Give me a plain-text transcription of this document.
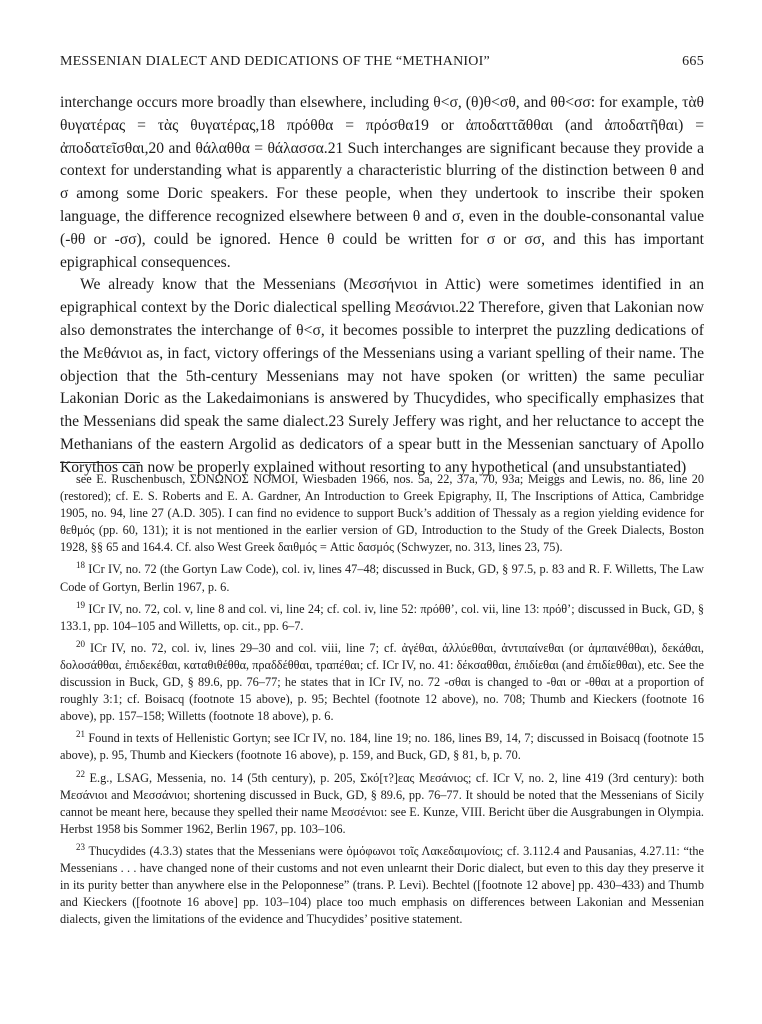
MESSENIAN DIALECT AND DEDICATIONS OF THE “METHANIOI”	665

interchange occurs more broadly than elsewhere, including θ<σ, (θ)θ<σθ, and θθ<σσ: for example, τὰθ θυγατέρας = τὰς θυγατέρας,18 πρόθθα = πρόσθα19 or ἀποδαττᾶθθαι (and ἀποδατῆθαι) = ἀποδατεῖσθαι,20 and θάλαθθα = θάλασσα.21 Such interchanges are significant because they provide a context for understanding what is apparently a characteristic blurring of the distinction between θ and σ among some Doric speakers. For these people, when they undertook to inscribe their spoken language, the difference recognized elsewhere between θ and σ, even in the double-consonantal value (-θθ or -σσ), could be ignored. Hence θ could be written for σ or σσ, and this has important epigraphical consequences.

We already know that the Messenians (Μεσσήνιοι in Attic) were sometimes identified in an epigraphical context by the Doric dialectical spelling Μεσάνιοι.22 Therefore, given that Lakonian now also demonstrates the interchange of θ<σ, it becomes possible to interpret the puzzling dedications of the Μεθάνιοι as, in fact, victory offerings of the Messenians using a variant spelling of their name. The objection that the 5th-century Messenians may not have spoken (or written) the same peculiar Lakonian Doric as the Lakedaimonians is answered by Thucydides, who specifically emphasizes that the Messenians did speak the same dialect.23 Surely Jeffery was right, and her reluctance to accept the Methanians of the eastern Argolid as dedicators of a spear butt in the Messenian sanctuary of Apollo Korythos can now be properly explained without resorting to any hypothetical (and unsubstantiated)

see E. Ruschenbusch, ΣΟΝΩΝΟΣ ΝΟΜΟΙ, Wiesbaden 1966, nos. 5a, 22, 37a, 70, 93a; Meiggs and Lewis, no. 86, line 20 (restored); cf. E. S. Roberts and E. A. Gardner, An Introduction to Greek Epigraphy, II, The Inscriptions of Attica, Cambridge 1905, no. 94, line 27 (A.D. 305). I can find no evidence to support Buck’s addition of Thessaly as a region yielding evidence for θεθμός (pp. 60, 131); it is not mentioned in the earlier version of GD, Introduction to the Study of the Greek Dialects, Boston 1928, §§ 65 and 164.4. Cf. also West Greek δαιθμός = Attic δασμός (Schwyzer, no. 313, lines 23, 75).

$^{18}$ ICr IV, no. 72 (the Gortyn Law Code), col. iv, lines 47–48; discussed in Buck, GD, § 97.5, p. 83 and R. F. Willetts, The Law Code of Gortyn, Berlin 1967, p. 6.

$^{19}$ ICr IV, no. 72, col. v, line 8 and col. vi, line 24; cf. col. iv, line 52: πρόθθ’, col. vii, line 13: πρόθ’; discussed in Buck, GD, § 133.1, pp. 104–105 and Willetts, op. cit., pp. 6–7.

$^{20}$ ICr IV, no. 72, col. iv, lines 29–30 and col. viii, line 7; cf. ἀγέθαι, ἀλλύεθθαι, ἀντιπαίνεθαι (or ἀμπαινέθθαι), δεκάθαι, δολοσάθθαι, ἐπιδεκέθαι, καταθιθέθθα, πραδδέθθαι, τραπέθαι; cf. ICr IV, no. 41: δέκσαθθαι, ἐπιδίεθαι (and ἐπιδίεθθαι), etc. See the discussion in Buck, GD, § 89.6, pp. 76–77; he states that in ICr IV, no. 72 -σθαι is changed to -θαι or -θθαι at a proportion of roughly 3:1; cf. Boisacq (footnote 15 above), p. 95; Bechtel (footnote 12 above), no. 708; Thumb and Kieckers (footnote 16 above), pp. 157–158; Willetts (footnote 18 above), p. 6.

$^{21}$ Found in texts of Hellenistic Gortyn; see ICr IV, no. 184, line 19; no. 186, lines B9, 14, 7; discussed in Boisacq (footnote 15 above), p. 95, Thumb and Kieckers (footnote 16 above), p. 159, and Buck, GD, § 81, b, p. 70.

$^{22}$ E.g., LSAG, Messenia, no. 14 (5th century), p. 205, Σκό[τ?]εας Μεσάνιος; cf. ICr V, no. 2, line 419 (3rd century): both Μεσάνιοι and Μεσσάνιοι; shortening discussed in Buck, GD, § 89.6, pp. 76–77. It should be noted that the Messenians of Sicily cannot be meant here, because they spelled their name Μεσσένιοι: see E. Kunze, VIII. Bericht über die Ausgrabungen in Olympia. Herbst 1958 bis Sommer 1962, Berlin 1967, pp. 103–106.

$^{23}$ Thucydides (4.3.3) states that the Messenians were ὁμόφωνοι τοῖς Λακεδαιμονίοις; cf. 3.112.4 and Pausanias, 4.27.11: “the Messenians . . . have changed none of their customs and not even unlearnt their Doric dialect, but even to this day they preserve it in its purity better than anywhere else in the Peloponnese” (trans. P. Levi). Bechtel ([footnote 12 above] pp. 430–433) and Thumb and Kieckers ([footnote 16 above] pp. 103–104) place too much emphasis on differences between Lakonian and Messenian dialects, given the limitations of the evidence and Thucydides’ positive statement.
